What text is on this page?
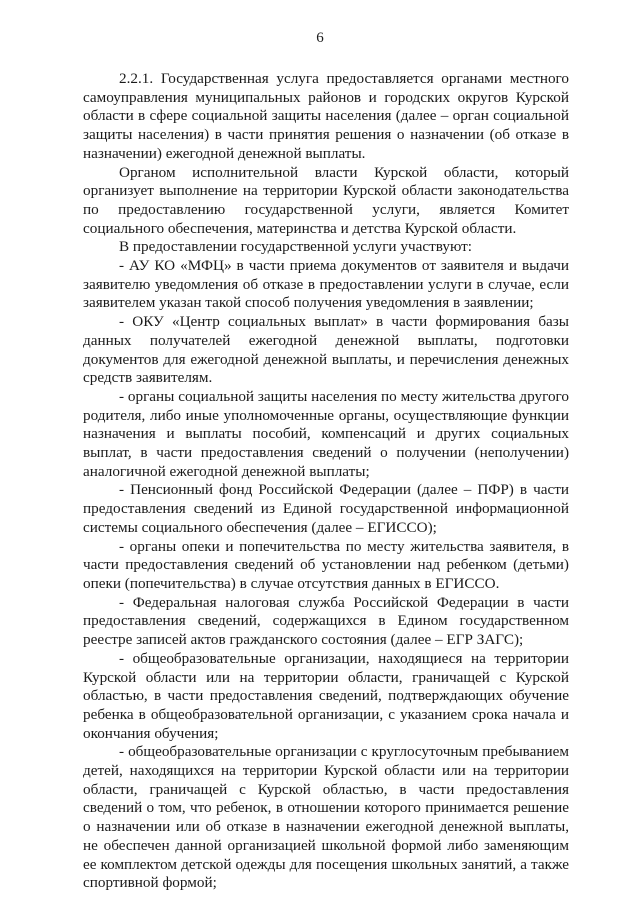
6

2.2.1. Государственная услуга предоставляется органами местного самоуправления муниципальных районов и городских округов Курской области в сфере социальной защиты населения (далее – орган социальной защиты населения) в части принятия решения о назначении (об отказе в назначении) ежегодной денежной выплаты.

Органом исполнительной власти Курской области, который организует выполнение на территории Курской области законодательства по предоставлению государственной услуги, является Комитет социального обеспечения, материнства и детства Курской области.

В предоставлении государственной услуги участвуют:

- АУ КО «МФЦ» в части приема документов от заявителя и выдачи заявителю уведомления об отказе в предоставлении услуги в случае, если заявителем указан такой способ получения уведомления в заявлении;

- ОКУ «Центр социальных выплат» в части формирования базы данных получателей ежегодной денежной выплаты, подготовки документов для ежегодной денежной выплаты, и перечисления денежных средств заявителям.

- органы социальной защиты населения по месту жительства другого родителя, либо иные уполномоченные органы, осуществляющие функции назначения и выплаты пособий, компенсаций и других социальных выплат, в части предоставления сведений о получении (неполучении) аналогичной ежегодной денежной выплаты;

- Пенсионный фонд Российской Федерации (далее – ПФР) в части предоставления сведений из Единой государственной информационной системы социального обеспечения (далее – ЕГИССО);

- органы опеки и попечительства по месту жительства заявителя, в части предоставления сведений об установлении над ребенком (детьми) опеки (попечительства) в случае отсутствия данных в ЕГИССО.

- Федеральная налоговая служба Российской Федерации в части предоставления сведений, содержащихся в Едином государственном реестре записей актов гражданского состояния (далее – ЕГР ЗАГС);

- общеобразовательные организации, находящиеся на территории Курской области или на территории области, граничащей с Курской областью, в части предоставления сведений, подтверждающих обучение ребенка в общеобразовательной организации, с указанием срока начала и окончания обучения;

- общеобразовательные организации с круглосуточным пребыванием детей, находящихся на территории Курской области или на территории области, граничащей с Курской областью, в части предоставления сведений о том, что ребенок, в отношении которого принимается решение о назначении или об отказе в назначении ежегодной денежной выплаты, не обеспечен данной организацией школьной формой либо заменяющим ее комплектом детской одежды для посещения школьных занятий, а также спортивной формой;
